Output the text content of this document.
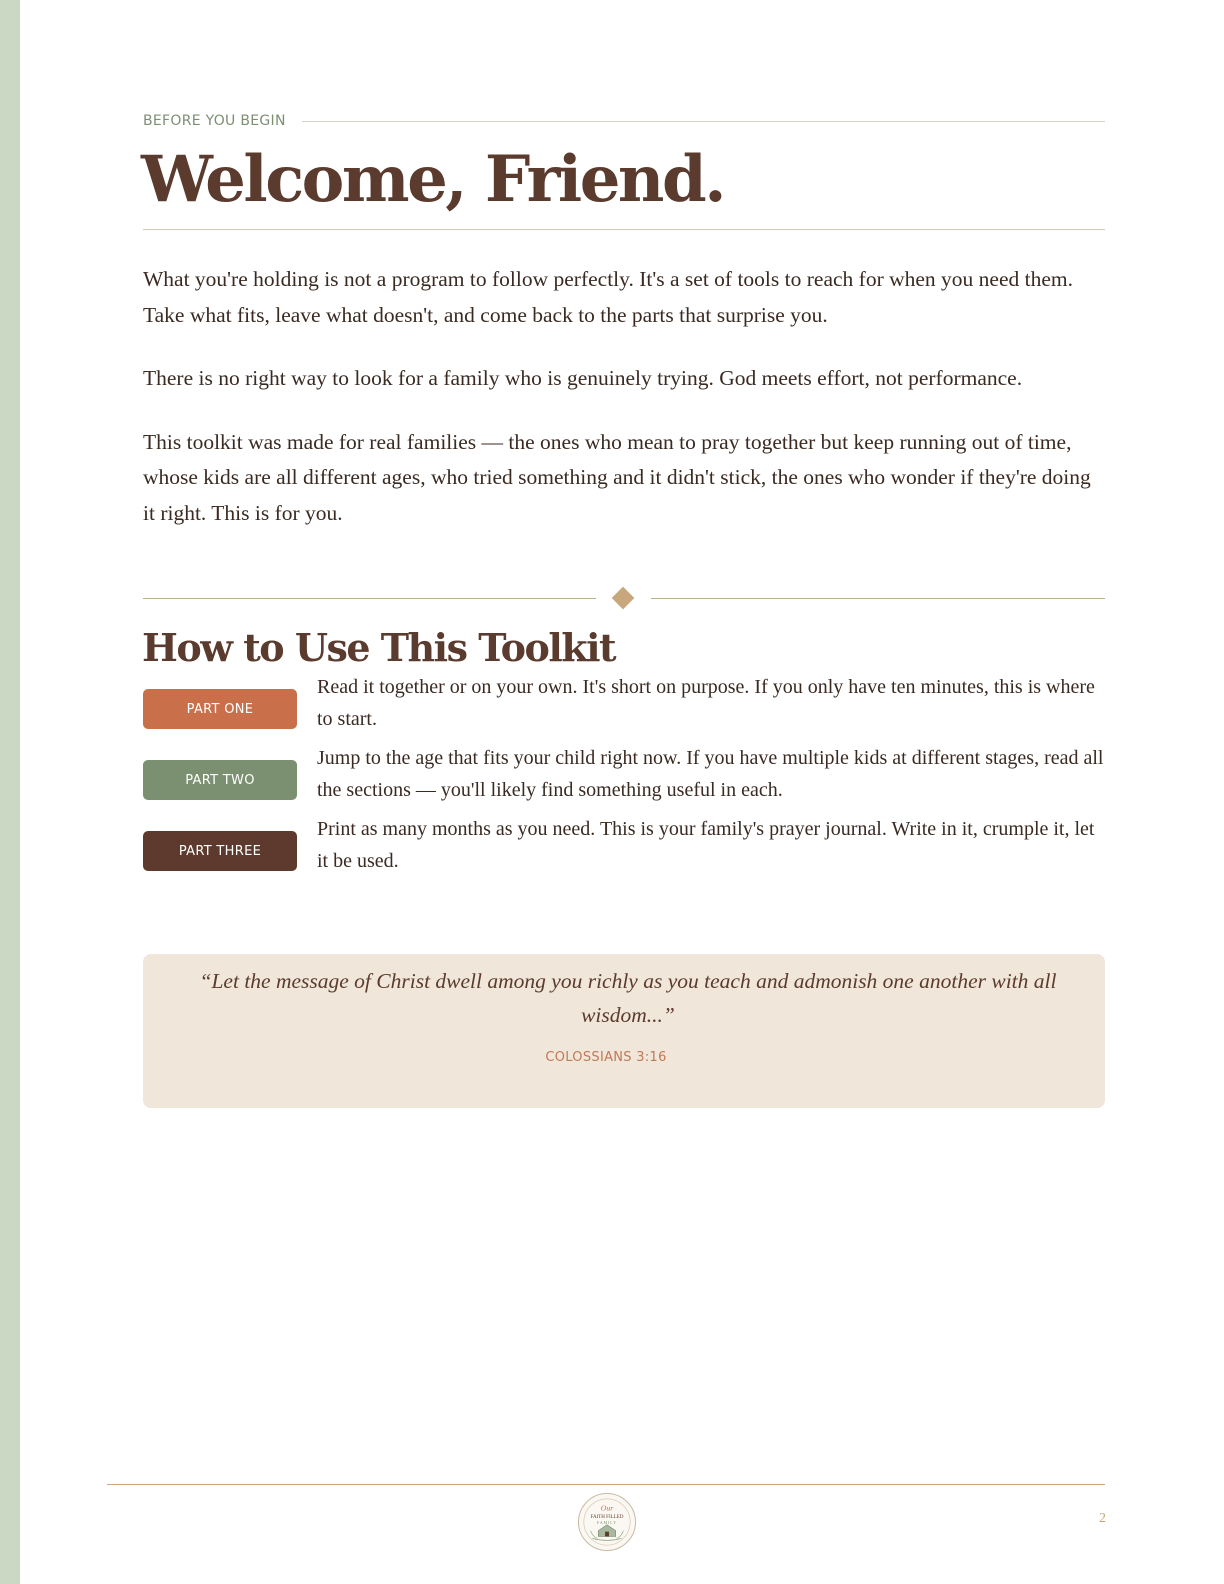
BEFORE YOU BEGIN
Welcome, Friend.

What you're holding is not a program to follow perfectly. It's a set of tools to reach for when you need them. Take what fits, leave what doesn't, and come back to the parts that surprise you.

There is no right way to look for a family who is genuinely trying. God meets effort, not performance.

This toolkit was made for real families — the ones who mean to pray together but keep running out of time, whose kids are all different ages, who tried something and it didn't stick, the ones who wonder if they're doing it right. This is for you.

How to Use This Toolkit
PART ONE
Read it together or on your own. It's short on purpose. If you only have ten minutes, this is where to start.
PART TWO
Jump to the age that fits your child right now. If you have multiple kids at different stages, read all the sections — you'll likely find something useful in each.
PART THREE
Print as many months as you need. This is your family's prayer journal. Write in it, crumple it, let it be used.
“Let the message of Christ dwell among you richly as you teach and admonish one another with all wisdom...”
COLOSSIANS 3:16
Our
FAITH FILLED
FAMILY	2
